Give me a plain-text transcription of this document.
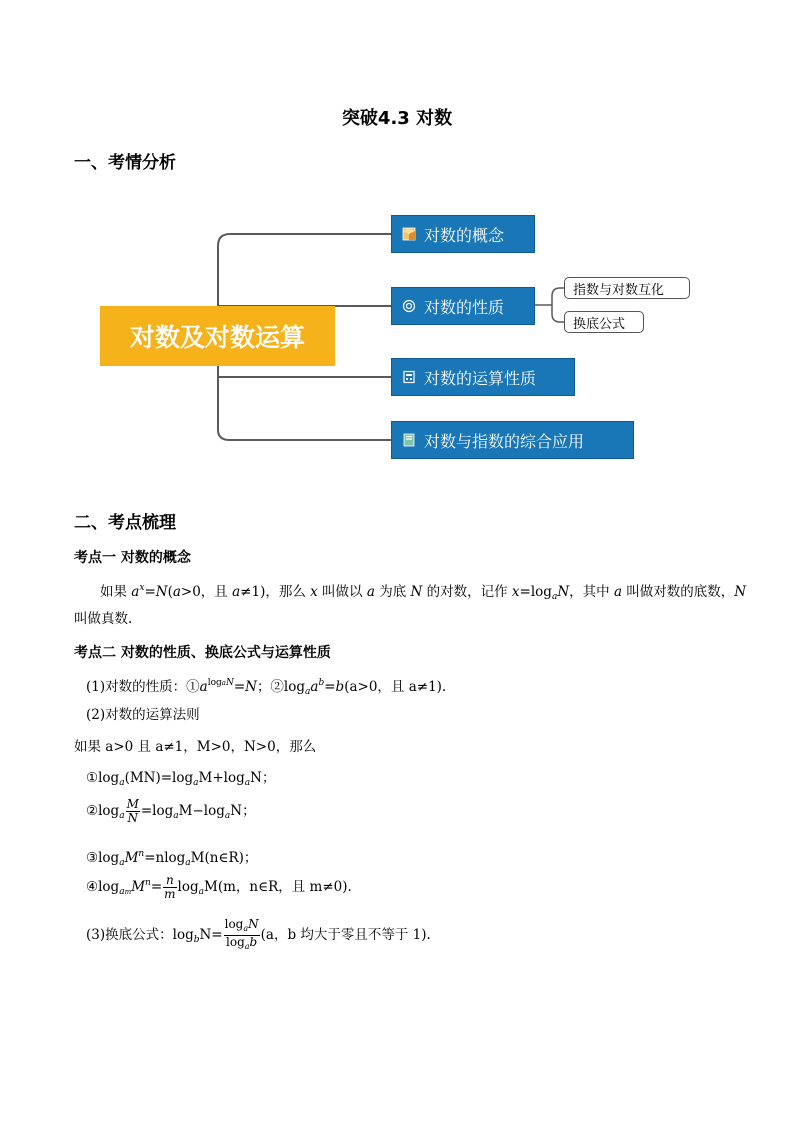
突破4.3 对数
一、考情分析
对数及对数运算
对数的概念
对数的性质
对数的运算性质
对数与指数的综合应用
指数与对数互化
换底公式
二、考点梳理
考点一 对数的概念
如果 $a^x=N(a>0$，且 a≠1)，那么 x 叫做以 a 为底 N 的对数，记作 $x=\log_aN$，其中 a 叫做对数的底数，N
叫做真数.
考点二 对数的性质、换底公式与运算性质
(1)对数的性质：$①a^{logaN}=N$；$②\log_aa^b=b(a>0$，且 a≠1).
(2)对数的运算法则
如果 a>0 且 a≠1，M>0，N>0，那么
$①\log_a(MN)=\log_aM+\log_aN$；
$②\log_a \frac{M}{N} =\log_aM-\log_aN$；
$③\log_aM^n=nlog_aM(n\in R)$；
$④\log_{am}M^n= \frac{n}{m} \log_aM(m$，n∈R，且 m≠0).
(3)换底公式：$\log_bN= \frac{\log_aN}{\log_ab} (a$，b 均大于零且不等于 1).
